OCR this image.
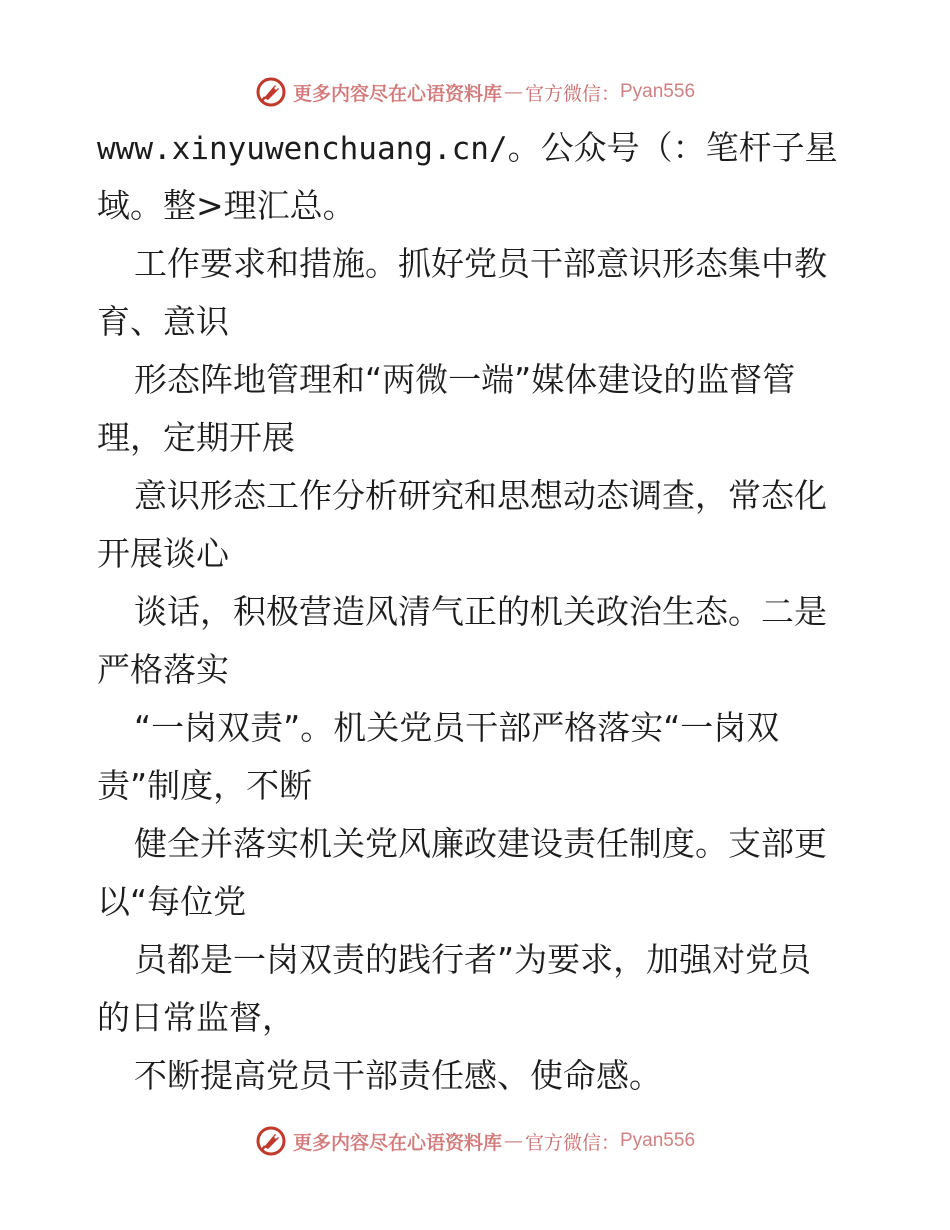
更多内容尽在心语资料库 — 官方微信： Pyan556
www.xinyuwenchuang.cn/。公众号（：笔杆子星
域。整>理汇总。
工作要求和措施。抓好党员干部意识形态集中教
育、意识
形态阵地管理和“两微一端”媒体建设的监督管
理，定期开展
意识形态工作分析研究和思想动态调查，常态化
开展谈心
谈话，积极营造风清气正的机关政治生态。二是
严格落实
“一岗双责”。机关党员干部严格落实“一岗双
责”制度，不断
健全并落实机关党风廉政建设责任制度。支部更
以“每位党
员都是一岗双责的践行者”为要求，加强对党员
的日常监督，
不断提高党员干部责任感、使命感。
更多内容尽在心语资料库 — 官方微信： Pyan556
